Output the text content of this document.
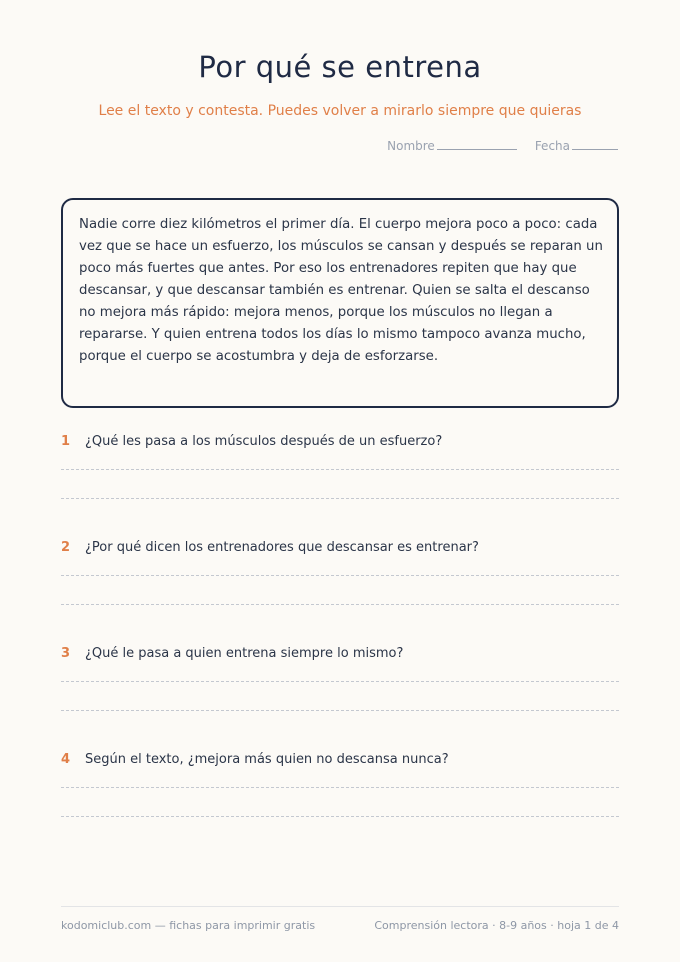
Por qué se entrena
Lee el texto y contesta. Puedes volver a mirarlo siempre que quieras
Nombre	Fecha
Nadie corre diez kilómetros el primer día. El cuerpo mejora poco a poco: cada vez que se hace un esfuerzo, los músculos se cansan y después se reparan un poco más fuertes que antes. Por eso los entrenadores repiten que hay que descansar, y que descansar también es entrenar. Quien se salta el descanso no mejora más rápido: mejora menos, porque los músculos no llegan a repararse. Y quien entrena todos los días lo mismo tampoco avanza mucho, porque el cuerpo se acostumbra y deja de esforzarse.
1	¿Qué les pasa a los músculos después de un esfuerzo?
2	¿Por qué dicen los entrenadores que descansar es entrenar?
3	¿Qué le pasa a quien entrena siempre lo mismo?
4	Según el texto, ¿mejora más quien no descansa nunca?
kodomiclub.com — fichas para imprimir gratis	Comprensión lectora · 8-9 años · hoja 1 de 4
